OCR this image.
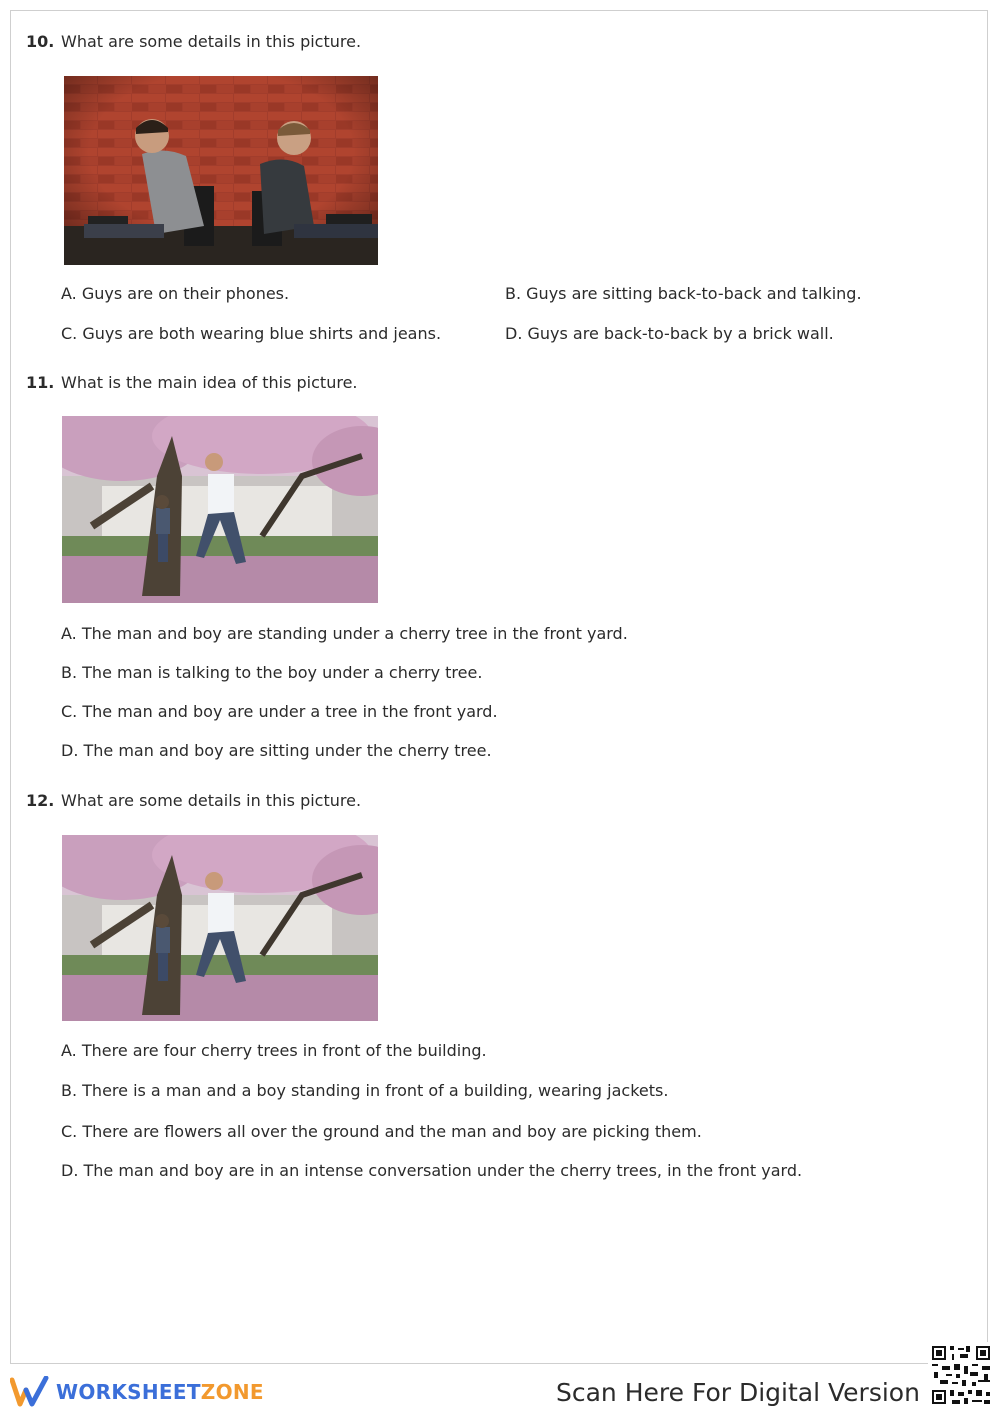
10. What are some details in this picture.
A. Guys are on their phones.	B. Guys are sitting back-to-back and talking.
C. Guys are both wearing blue shirts and jeans.	D. Guys are back-to-back by a brick wall.
11. What is the main idea of this picture.
A. The man and boy are standing under a cherry tree in the front yard.
B. The man is talking to the boy under a cherry tree.
C. The man and boy are under a tree in the front yard.
D. The man and boy are sitting under the cherry tree.
12. What are some details in this picture.
A. There are four cherry trees in front of the building.
B. There is a man and a boy standing in front of a building, wearing jackets.
C. There are flowers all over the ground and the man and boy are picking them.
D. The man and boy are in an intense conversation under the cherry trees, in the front yard.
WORKSHEETZONE	Scan Here For Digital Version
